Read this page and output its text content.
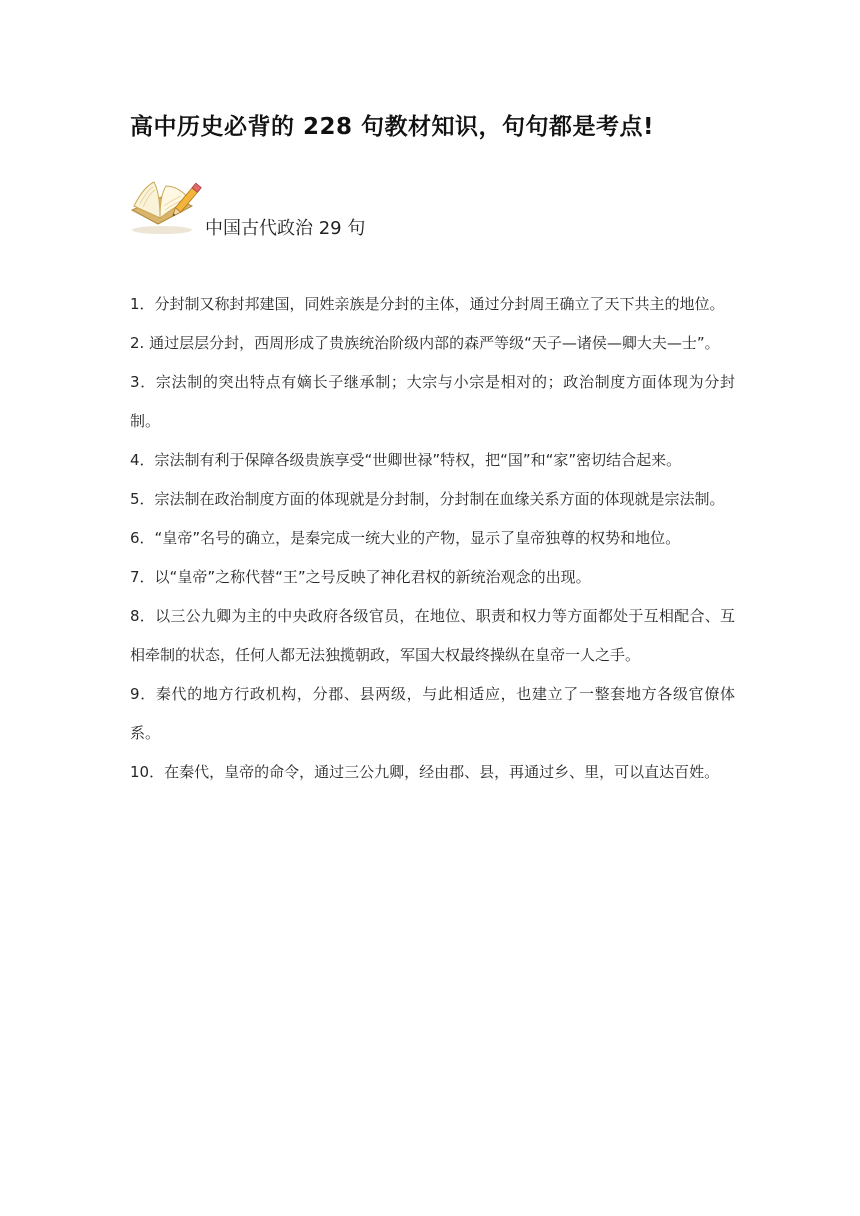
高中历史必背的 228 句教材知识，句句都是考点!
中国古代政治 29 句
1．分封制又称封邦建国，同姓亲族是分封的主体，通过分封周王确立了天下共主的地位。
2. 通过层层分封，西周形成了贵族统治阶级内部的森严等级“天子—诸侯—卿大夫—士”。
3．宗法制的突出特点有嫡长子继承制；大宗与小宗是相对的；政治制度方面体现为分封制。
4．宗法制有利于保障各级贵族享受“世卿世禄”特权，把“国”和“家”密切结合起来。
5．宗法制在政治制度方面的体现就是分封制，分封制在血缘关系方面的体现就是宗法制。
6．“皇帝”名号的确立，是秦完成一统大业的产物，显示了皇帝独尊的权势和地位。
7．以“皇帝”之称代替“王”之号反映了神化君权的新统治观念的出现。
8．以三公九卿为主的中央政府各级官员，在地位、职责和权力等方面都处于互相配合、互相牵制的状态，任何人都无法独揽朝政，军国大权最终操纵在皇帝一人之手。
9．秦代的地方行政机构，分郡、县两级，与此相适应，也建立了一整套地方各级官僚体系。
10．在秦代，皇帝的命令，通过三公九卿，经由郡、县，再通过乡、里，可以直达百姓。
